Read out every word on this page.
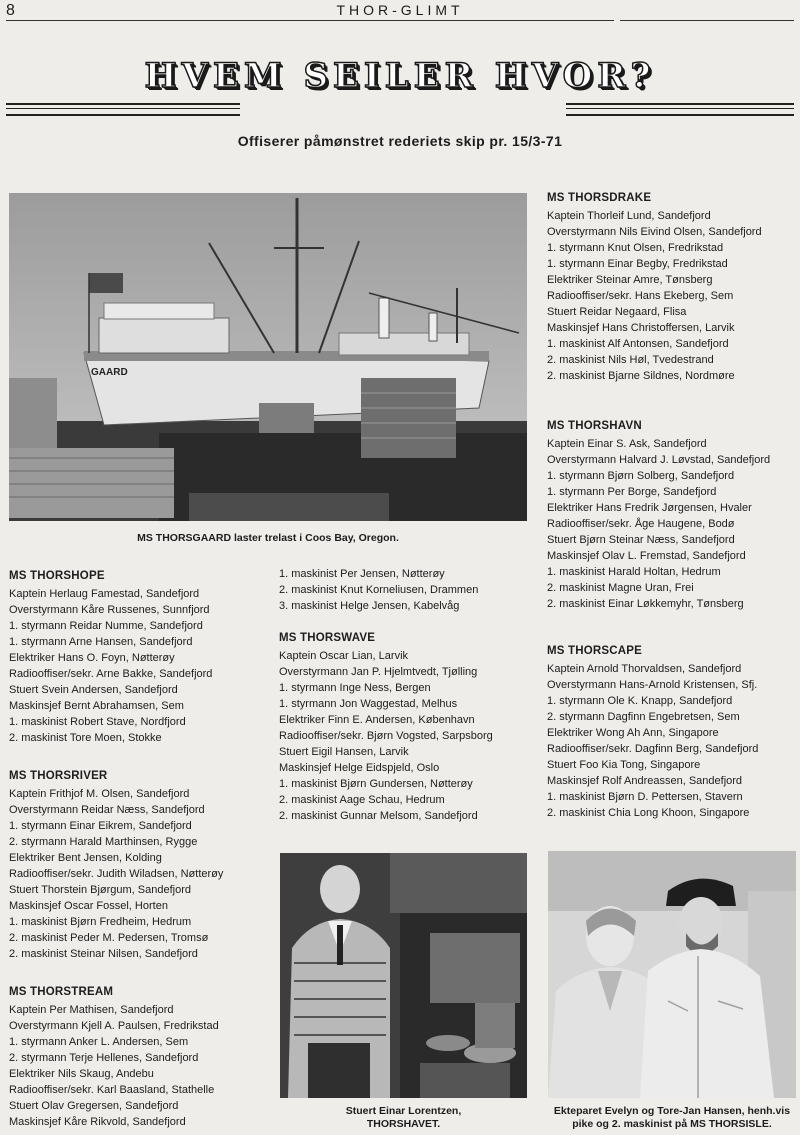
8	THOR-GLIMT
HVEM SEILER HVOR?
Offiserer påmønstret rederiets skip pr. 15/3-71
GAARD
MS THORSGAARD laster trelast i Coos Bay, Oregon.
MS THORSHOPE
Kaptein Herlaug Famestad, Sandefjord
Overstyrmann Kåre Russenes, Sunnfjord
1. styrmann Reidar Numme, Sandefjord
1. styrmann Arne Hansen, Sandefjord
Elektriker Hans O. Foyn, Nøtterøy
Radiooffiser/sekr. Arne Bakke, Sandefjord
Stuert Svein Andersen, Sandefjord
Maskinsjef Bernt Abrahamsen, Sem
1. maskinist Robert Stave, Nordfjord
2. maskinist Tore Moen, Stokke
MS THORSRIVER
Kaptein Frithjof M. Olsen, Sandefjord
Overstyrmann Reidar Næss, Sandefjord
1. styrmann Einar Eikrem, Sandefjord
2. styrmann Harald Marthinsen, Rygge
Elektriker Bent Jensen, Kolding
Radiooffiser/sekr. Judith Wiladsen, Nøtterøy
Stuert Thorstein Bjørgum, Sandefjord
Maskinsjef Oscar Fossel, Horten
1. maskinist Bjørn Fredheim, Hedrum
2. maskinist Peder M. Pedersen, Tromsø
2. maskinist Steinar Nilsen, Sandefjord
MS THORSTREAM
Kaptein Per Mathisen, Sandefjord
Overstyrmann Kjell A. Paulsen, Fredrikstad
1. styrmann Anker L. Andersen, Sem
2. styrmann Terje Hellenes, Sandefjord
Elektriker Nils Skaug, Andebu
Radiooffiser/sekr. Karl Baasland, Stathelle
Stuert Olav Gregersen, Sandefjord
Maskinsjef Kåre Rikvold, Sandefjord
1. maskinist Per Jensen, Nøtterøy
2. maskinist Knut Korneliusen, Drammen
3. maskinist Helge Jensen, Kabelvåg
MS THORSWAVE
Kaptein Oscar Lian, Larvik
Overstyrmann Jan P. Hjelmtvedt, Tjølling
1. styrmann Inge Ness, Bergen
1. styrmann Jon Waggestad, Melhus
Elektriker Finn E. Andersen, København
Radiooffiser/sekr. Bjørn Vogsted, Sarpsborg
Stuert Eigil Hansen, Larvik
Maskinsjef Helge Eidspjeld, Oslo
1. maskinist Bjørn Gundersen, Nøtterøy
2. maskinist Aage Schau, Hedrum
2. maskinist Gunnar Melsom, Sandefjord
MS THORSDRAKE
Kaptein Thorleif Lund, Sandefjord
Overstyrmann Nils Eivind Olsen, Sandefjord
1. styrmann Knut Olsen, Fredrikstad
1. styrmann Einar Begby, Fredrikstad
Elektriker Steinar Amre, Tønsberg
Radiooffiser/sekr. Hans Ekeberg, Sem
Stuert Reidar Negaard, Flisa
Maskinsjef Hans Christoffersen, Larvik
1. maskinist Alf Antonsen, Sandefjord
2. maskinist Nils Høl, Tvedestrand
2. maskinist Bjarne Sildnes, Nordmøre
MS THORSHAVN
Kaptein Einar S. Ask, Sandefjord
Overstyrmann Halvard J. Løvstad, Sandefjord
1. styrmann Bjørn Solberg, Sandefjord
1. styrmann Per Borge, Sandefjord
Elektriker Hans Fredrik Jørgensen, Hvaler
Radiooffiser/sekr. Åge Haugene, Bodø
Stuert Bjørn Steinar Næss, Sandefjord
Maskinsjef Olav L. Fremstad, Sandefjord
1. maskinist Harald Holtan, Hedrum
2. maskinist Magne Uran, Frei
2. maskinist Einar Løkkemyhr, Tønsberg
MS THORSCAPE
Kaptein Arnold Thorvaldsen, Sandefjord
Overstyrmann Hans-Arnold Kristensen, Sfj.
1. styrmann Ole K. Knapp, Sandefjord
2. styrmann Dagfinn Engebretsen, Sem
Elektriker Wong Ah Ann, Singapore
Radiooffiser/sekr. Dagfinn Berg, Sandefjord
Stuert Foo Kia Tong, Singapore
Maskinsjef Rolf Andreassen, Sandefjord
1. maskinist Bjørn D. Pettersen, Stavern
2. maskinist Chia Long Khoon, Singapore
Stuert Einar Lorentzen,
THORSHAVET.
Ekteparet Evelyn og Tore-Jan Hansen, henh.vis
pike og 2. maskinist på MS THORSISLE.
